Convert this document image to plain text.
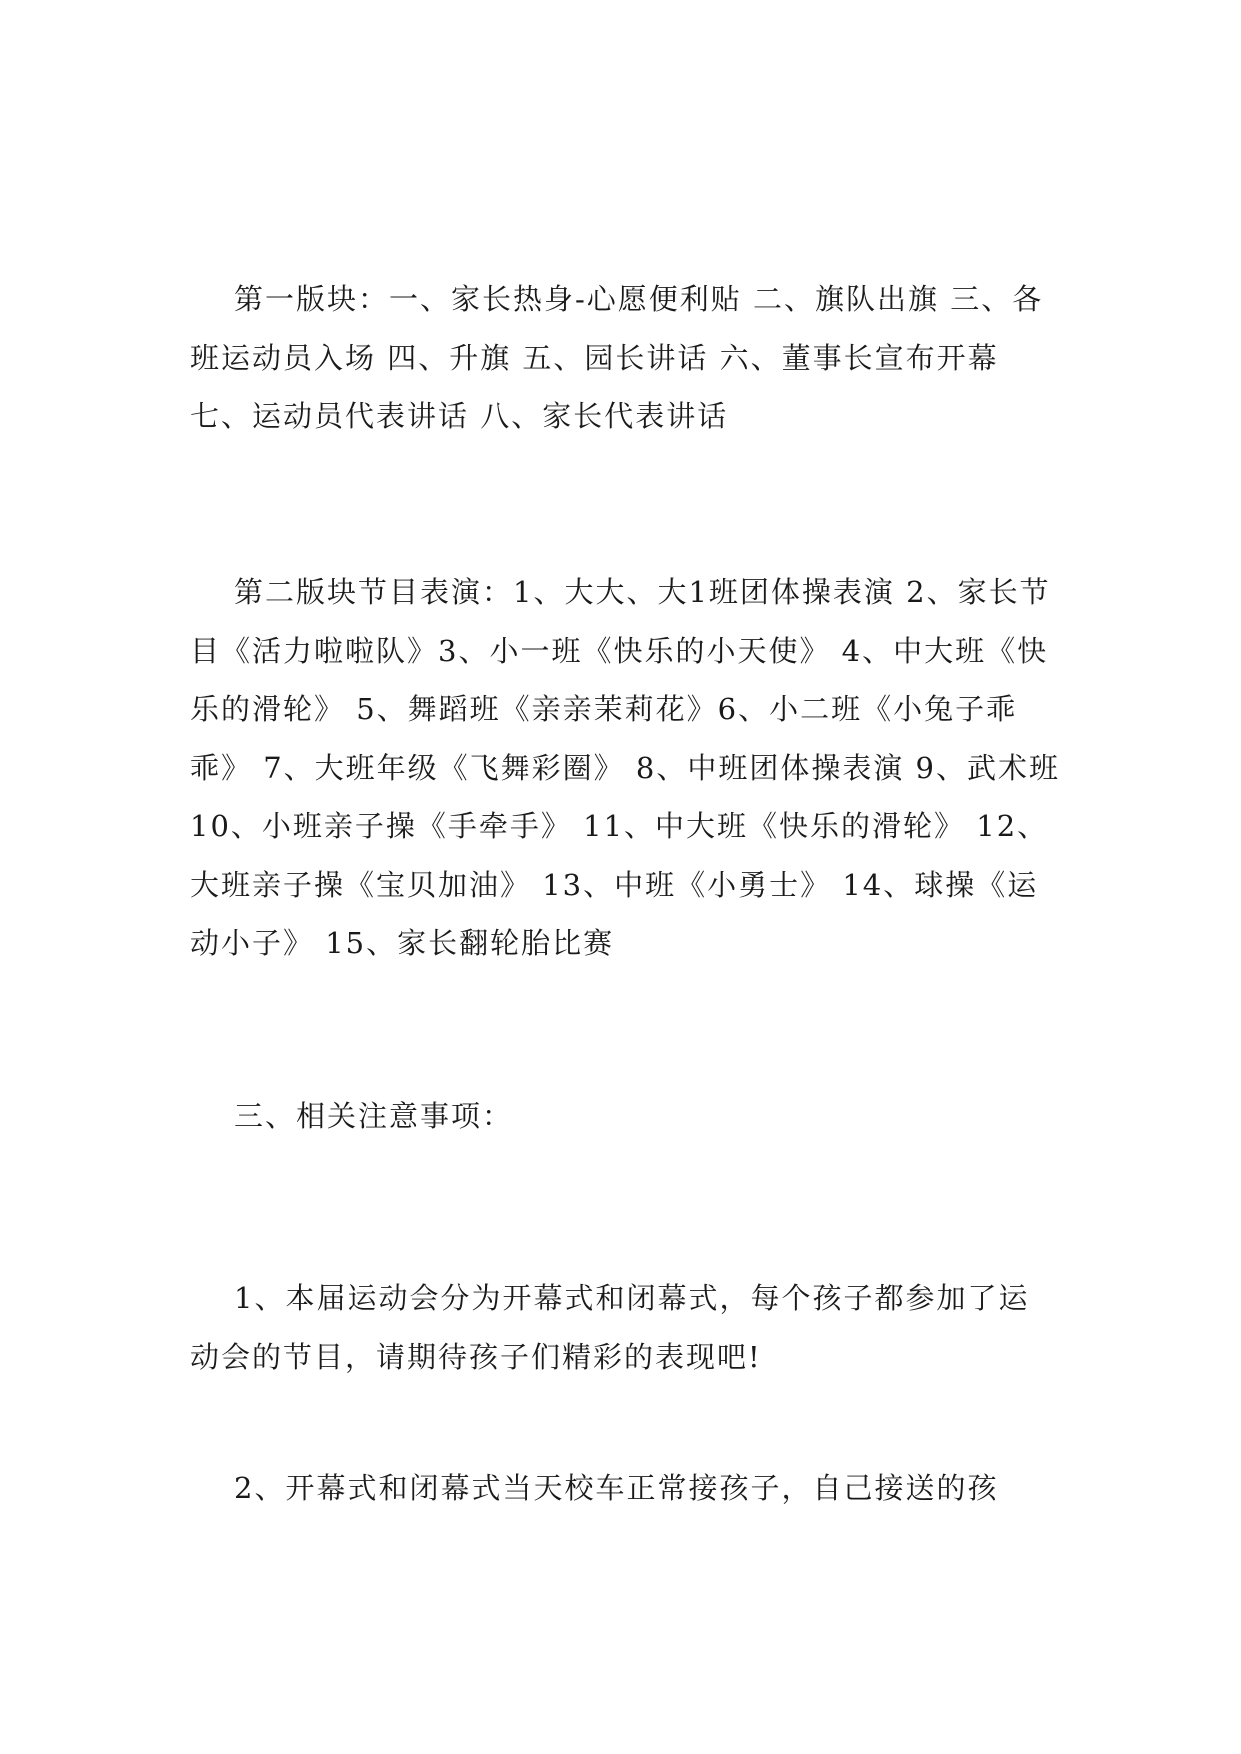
第一版块：一、家长热身-心愿便利贴 二、旗队出旗 三、各班运动员入场 四、升旗 五、园长讲话 六、董事长宣布开幕 七、运动员代表讲话 八、家长代表讲话

第二版块节目表演：1、大大、大1班团体操表演 2、家长节目《活力啦啦队》3、小一班《快乐的小天使》 4、中大班《快乐的滑轮》 5、舞蹈班《亲亲茉莉花》6、小二班《小兔子乖乖》 7、大班年级《飞舞彩圈》 8、中班团体操表演 9、武术班 10、小班亲子操《手牵手》 11、中大班《快乐的滑轮》 12、大班亲子操《宝贝加油》 13、中班《小勇士》 14、球操《运动小子》 15、家长翻轮胎比赛

三、相关注意事项：

1、本届运动会分为开幕式和闭幕式，每个孩子都参加了运动会的节目，请期待孩子们精彩的表现吧!

2、开幕式和闭幕式当天校车正常接孩子，自己接送的孩
